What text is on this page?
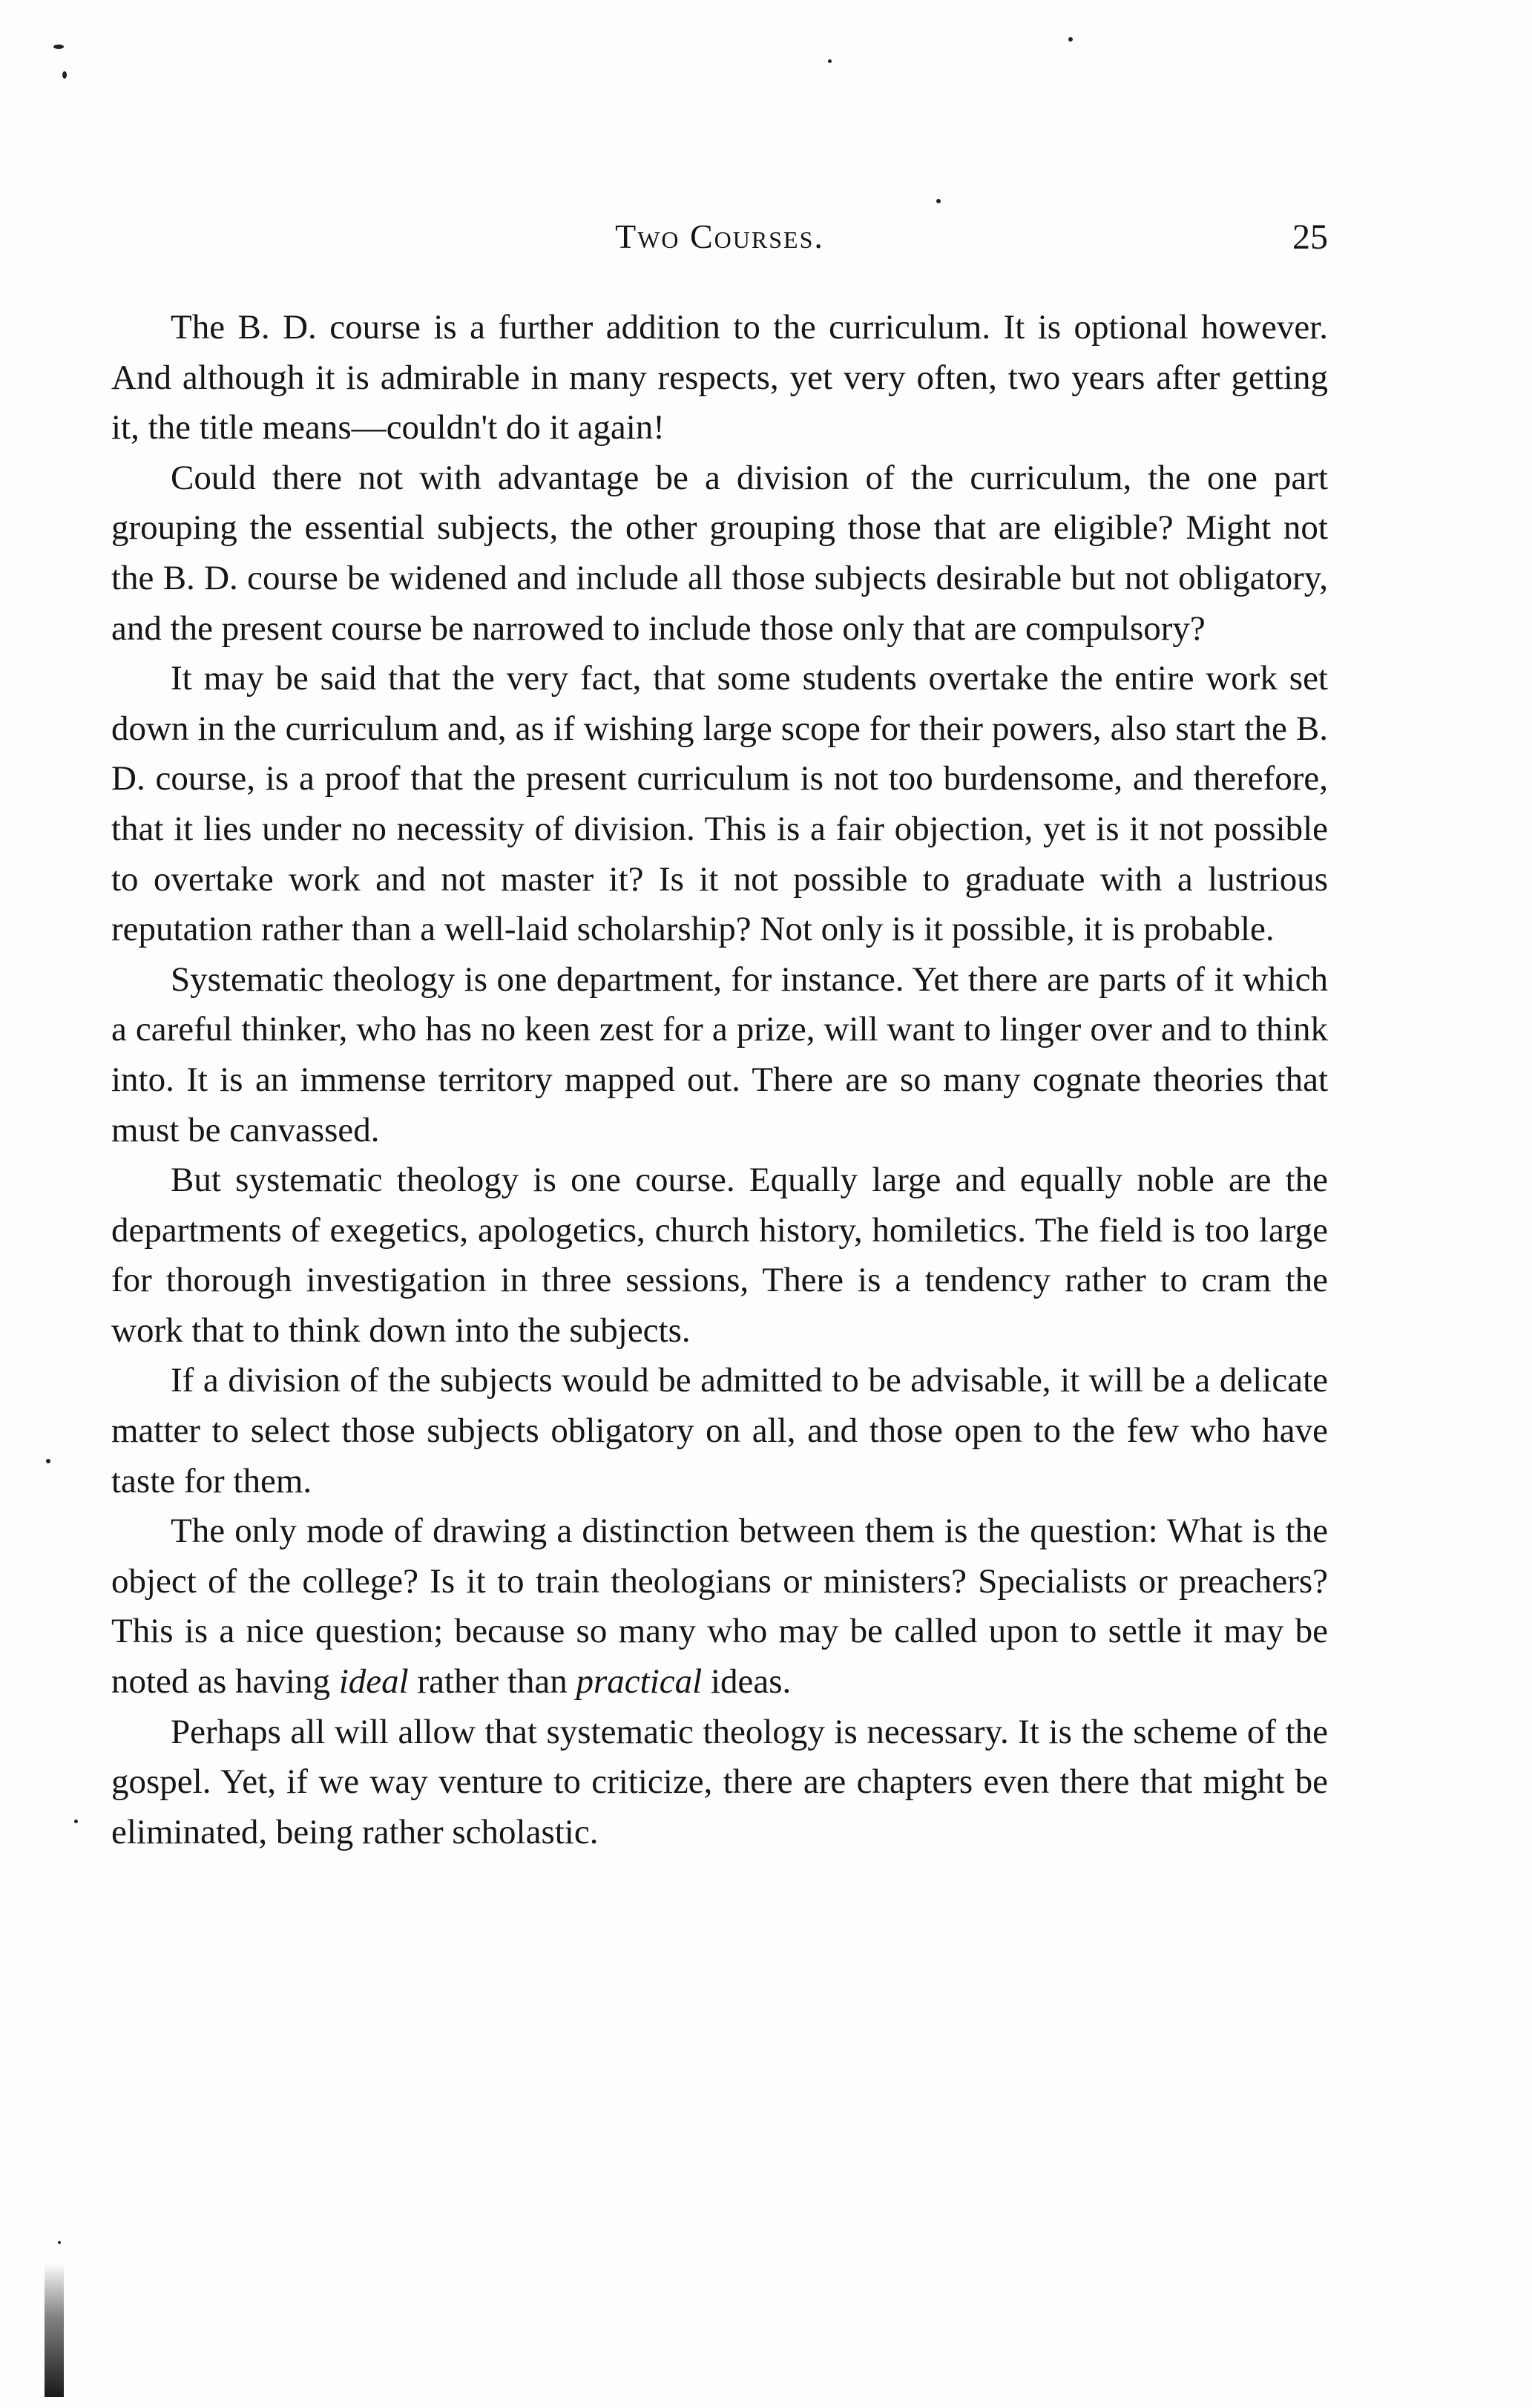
Two Courses.	25

The B. D. course is a further addition to the curriculum. It is optional however. And although it is admirable in many respects, yet very often, two years after getting it, the title means—couldn't do it again!

Could there not with advantage be a division of the curriculum, the one part grouping the essential subjects, the other grouping those that are eligible? Might not the B. D. course be widened and include all those subjects desirable but not obligatory, and the present course be narrowed to include those only that are compulsory?

It may be said that the very fact, that some students overtake the entire work set down in the curriculum and, as if wishing large scope for their powers, also start the B. D. course, is a proof that the present curriculum is not too burdensome, and therefore, that it lies under no necessity of division. This is a fair objection, yet is it not possible to overtake work and not master it? Is it not possible to graduate with a lustrious reputation rather than a well-laid scholarship? Not only is it possible, it is probable.

Systematic theology is one department, for instance. Yet there are parts of it which a careful thinker, who has no keen zest for a prize, will want to linger over and to think into. It is an immense territory mapped out. There are so many cognate theories that must be canvassed.

But systematic theology is one course. Equally large and equally noble are the departments of exegetics, apologetics, church history, homiletics. The field is too large for thorough investigation in three sessions, There is a tendency rather to cram the work that to think down into the subjects.

If a division of the subjects would be admitted to be advisable, it will be a delicate matter to select those subjects obligatory on all, and those open to the few who have taste for them.

The only mode of drawing a distinction between them is the question: What is the object of the college? Is it to train theologians or ministers? Specialists or preachers? This is a nice question; because so many who may be called upon to settle it may be noted as having ideal rather than practical ideas.

Perhaps all will allow that systematic theology is necessary. It is the scheme of the gospel. Yet, if we way venture to criticize, there are chapters even there that might be eliminated, being rather scholastic.
